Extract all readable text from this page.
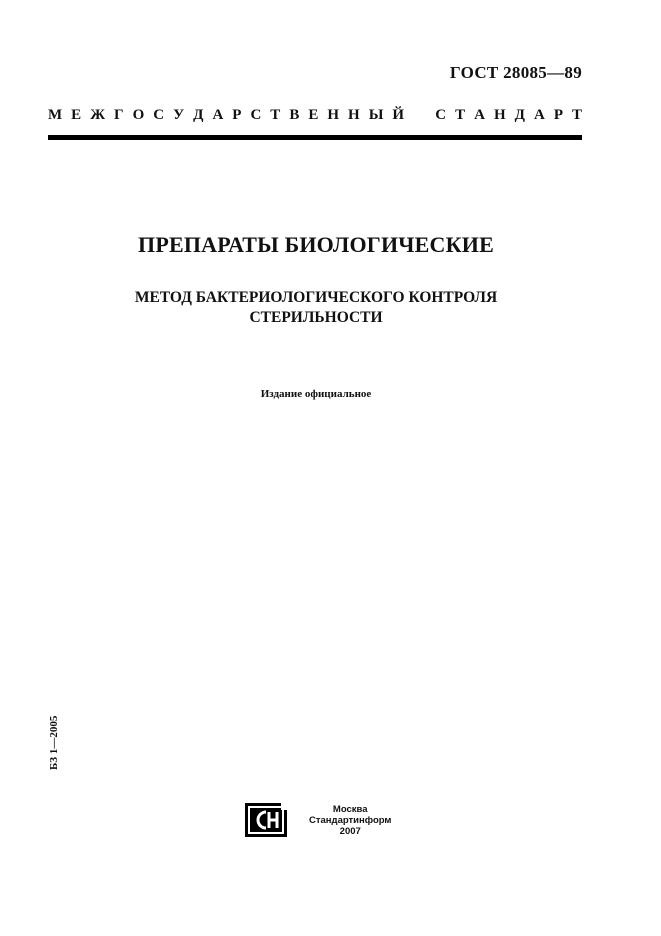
ГОСТ 28085—89
М Е Ж Г О С У Д А Р С Т В Е Н Н Ы Й С Т А Н Д А Р Т
ПРЕПАРАТЫ БИОЛОГИЧЕСКИЕ
МЕТОД БАКТЕРИОЛОГИЧЕСКОГО КОНТРОЛЯ
СТЕРИЛЬНОСТИ
Издание официальное
БЗ 1—2005
Москва
Стандартинформ
2007
